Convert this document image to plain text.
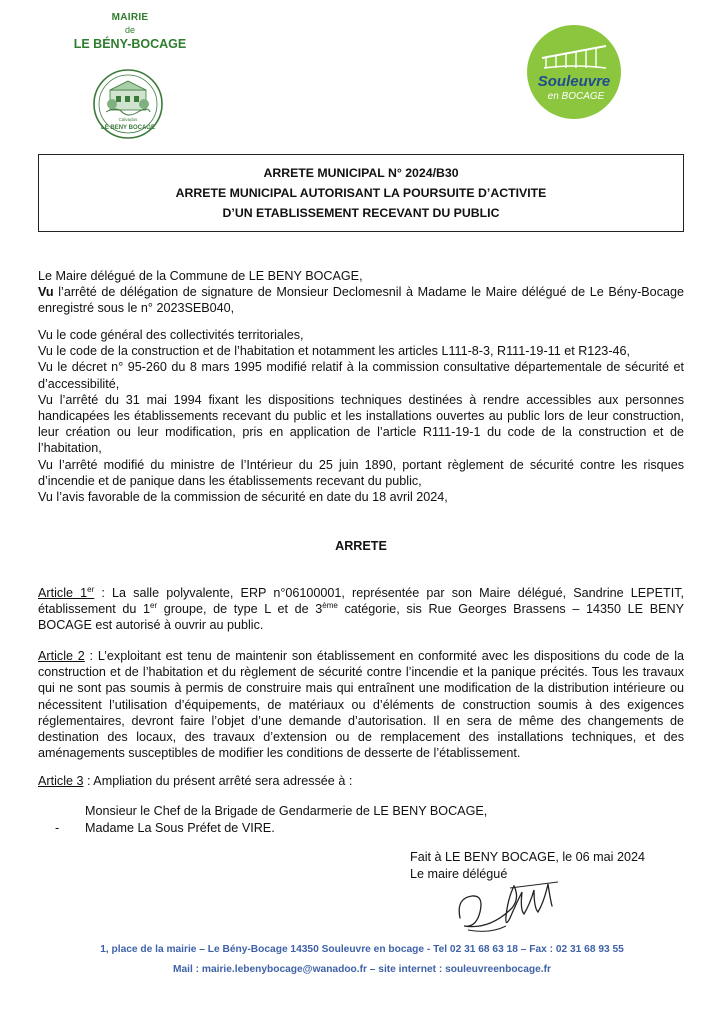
MAIRIE
de
LE BÉNY-BOCAGE
Calvados
LE BENY BOCAGE
Souleuvre
en BOCAGE
ARRETE MUNICIPAL N° 2024/B30
ARRETE MUNICIPAL AUTORISANT LA POURSUITE D’ACTIVITE
D’UN ETABLISSEMENT RECEVANT DU PUBLIC
Le Maire délégué de la Commune de LE BENY BOCAGE,
Vu l’arrêté de délégation de signature de Monsieur Declomesnil à Madame le Maire délégué de Le Bény-Bocage enregistré sous le n° 2023SEB040,
Vu le code général des collectivités territoriales,
Vu le code de la construction et de l’habitation et notamment les articles L111-8-3, R111-19-11 et R123-46,
Vu le décret n° 95-260 du 8 mars 1995 modifié relatif à la commission consultative départementale de sécurité et d’accessibilité,
Vu l’arrêté du 31 mai 1994 fixant les dispositions techniques destinées à rendre accessibles aux personnes handicapées les établissements recevant du public et les installations ouvertes au public lors de leur construction, leur création ou leur modification, pris en application de l’article R111-19-1 du code de la construction et de l’habitation,
Vu l’arrêté modifié du ministre de l’Intérieur du 25 juin 1890, portant règlement de sécurité contre les risques d’incendie et de panique dans les établissements recevant du public,
Vu l’avis favorable de la commission de sécurité en date du 18 avril 2024,
ARRETE
Article 1er : La salle polyvalente, ERP n°06100001, représentée par son Maire délégué, Sandrine LEPETIT, établissement du 1er groupe, de type L et de 3ème catégorie, sis Rue Georges Brassens – 14350 LE BENY BOCAGE est autorisé à ouvrir au public.
Article 2 : L’exploitant est tenu de maintenir son établissement en conformité avec les dispositions du code de la construction et de l’habitation et du règlement de sécurité contre l’incendie et la panique précités. Tous les travaux qui ne sont pas soumis à permis de construire mais qui entraînent une modification de la distribution intérieure ou nécessitent l’utilisation d’équipements, de matériaux ou d’éléments de construction soumis à des exigences réglementaires, devront faire l’objet d’une demande d’autorisation. Il en sera de même des changements de destination des locaux, des travaux d’extension ou de remplacement des installations techniques, et des aménagements susceptibles de modifier les conditions de desserte de l’établissement.
Article 3 : Ampliation du présent arrêté sera adressée à :
Monsieur le Chef de la Brigade de Gendarmerie de LE BENY BOCAGE,
- Madame La Sous Préfet de VIRE.
Fait à LE BENY BOCAGE, le 06 mai 2024
Le maire délégué
1, place de la mairie – Le Bény-Bocage 14350 Souleuvre en bocage - Tel 02 31 68 63 18 – Fax : 02 31 68 93 55
Mail : mairie.lebenybocage@wanadoo.fr – site internet : souleuvreenbocage.fr
